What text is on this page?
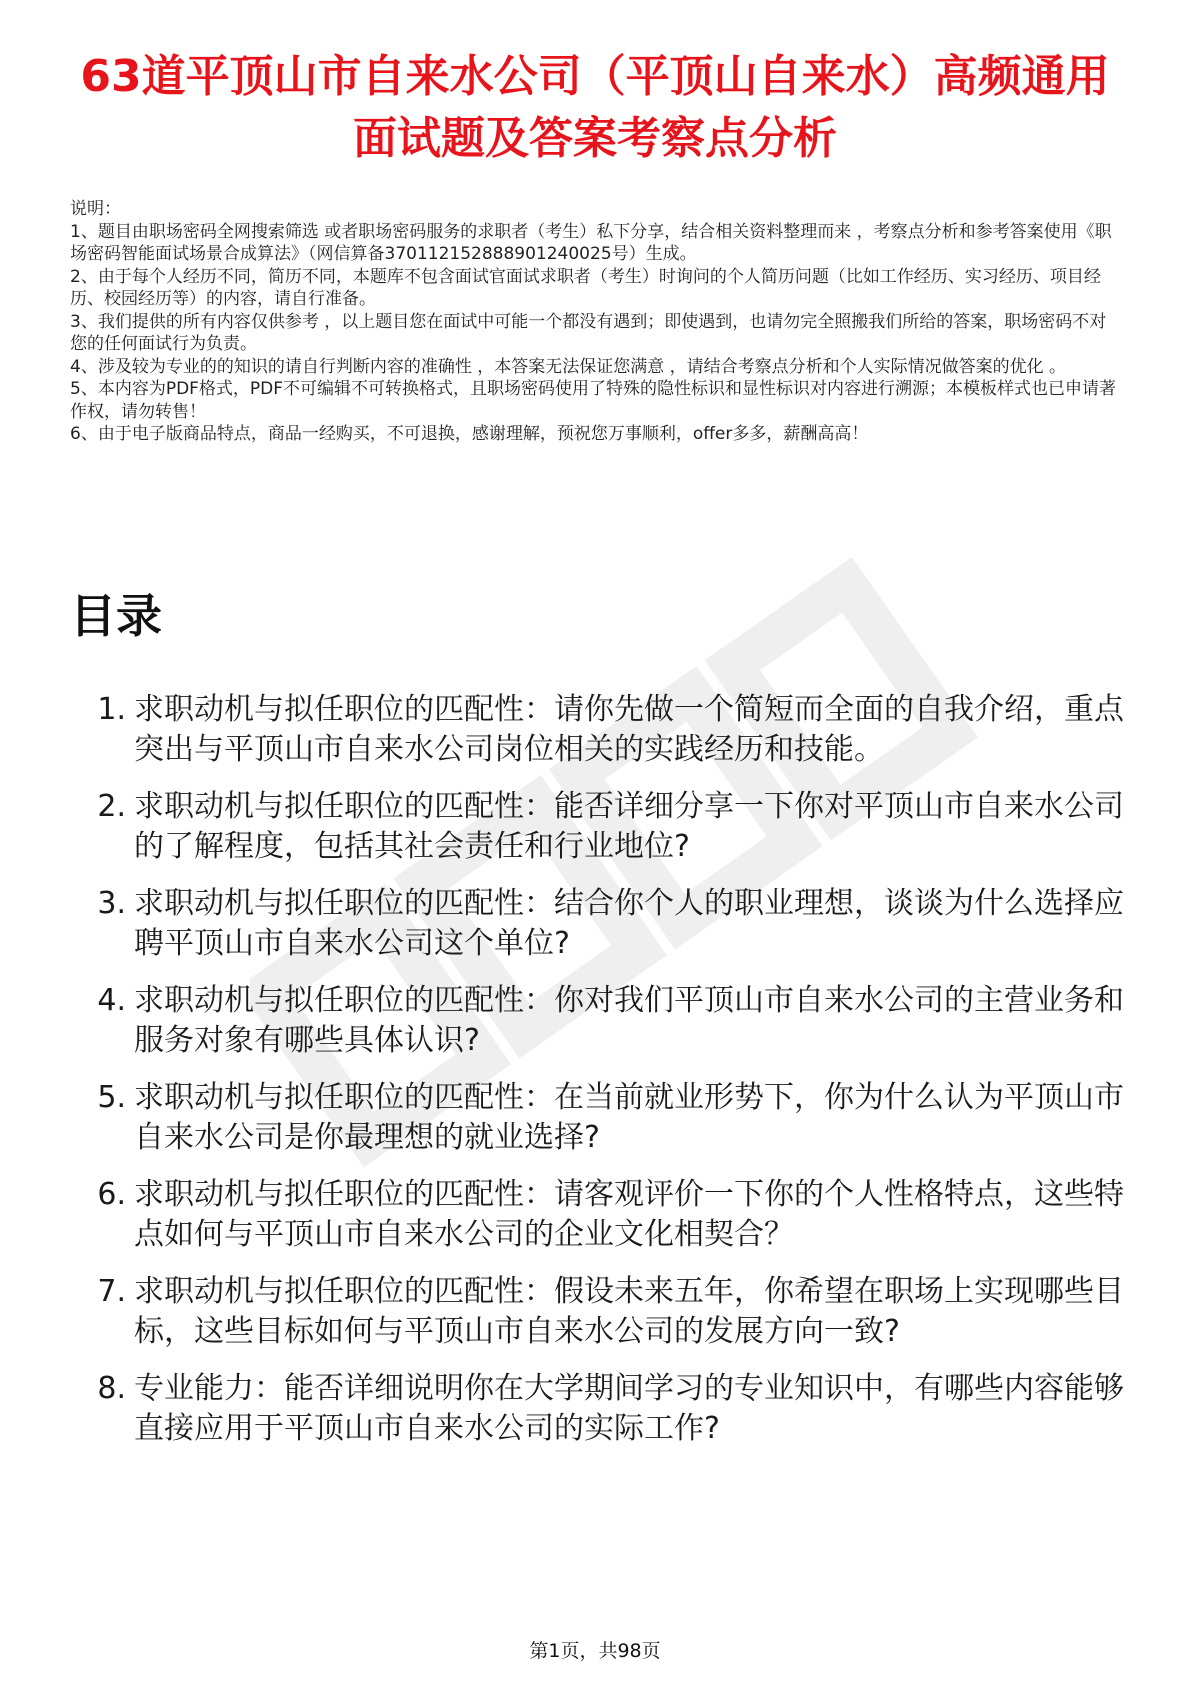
63道平顶山市自来水公司（平顶山自来水）高频通用面试题及答案考察点分析

说明：

1、题目由职场密码全网搜索筛选 或者职场密码服务的求职者（考生）私下分享，结合相关资料整理而来 ，考察点分析和参考答案使用《职场密码智能面试场景合成算法》（网信算备370112152888901240025号）生成。

2、由于每个人经历不同，简历不同，本题库不包含面试官面试求职者（考生）时询问的个人简历问题（比如工作经历、实习经历、项目经历、校园经历等）的内容，请自行准备。

3、我们提供的所有内容仅供参考 ，以上题目您在面试中可能一个都没有遇到；即使遇到，也请勿完全照搬我们所给的答案，职场密码不对您的任何面试行为负责。

4、涉及较为专业的的知识的请自行判断内容的准确性 ，本答案无法保证您满意 ，请结合考察点分析和个人实际情况做答案的优化 。

5、本内容为PDF格式，PDF不可编辑不可转换格式，且职场密码使用了特殊的隐性标识和显性标识对内容进行溯源；本模板样式也已申请著作权，请勿转售！

6、由于电子版商品特点，商品一经购买，不可退换，感谢理解，预祝您万事顺利，offer多多，薪酬高高！

目录
1. 求职动机与拟任职位的匹配性：请你先做一个简短而全面的自我介绍，重点突出与平顶山市自来水公司岗位相关的实践经历和技能。
2. 求职动机与拟任职位的匹配性：能否详细分享一下你对平顶山市自来水公司的了解程度，包括其社会责任和行业地位?
3. 求职动机与拟任职位的匹配性：结合你个人的职业理想，谈谈为什么选择应聘平顶山市自来水公司这个单位?
4. 求职动机与拟任职位的匹配性：你对我们平顶山市自来水公司的主营业务和服务对象有哪些具体认识?
5. 求职动机与拟任职位的匹配性：在当前就业形势下，你为什么认为平顶山市自来水公司是你最理想的就业选择?
6. 求职动机与拟任职位的匹配性：请客观评价一下你的个人性格特点，这些特点如何与平顶山市自来水公司的企业文化相契合？
7. 求职动机与拟任职位的匹配性：假设未来五年，你希望在职场上实现哪些目标，这些目标如何与平顶山市自来水公司的发展方向一致?
8. 专业能力：能否详细说明你在大学期间学习的专业知识中，有哪些内容能够直接应用于平顶山市自来水公司的实际工作?
第1页，共98页
